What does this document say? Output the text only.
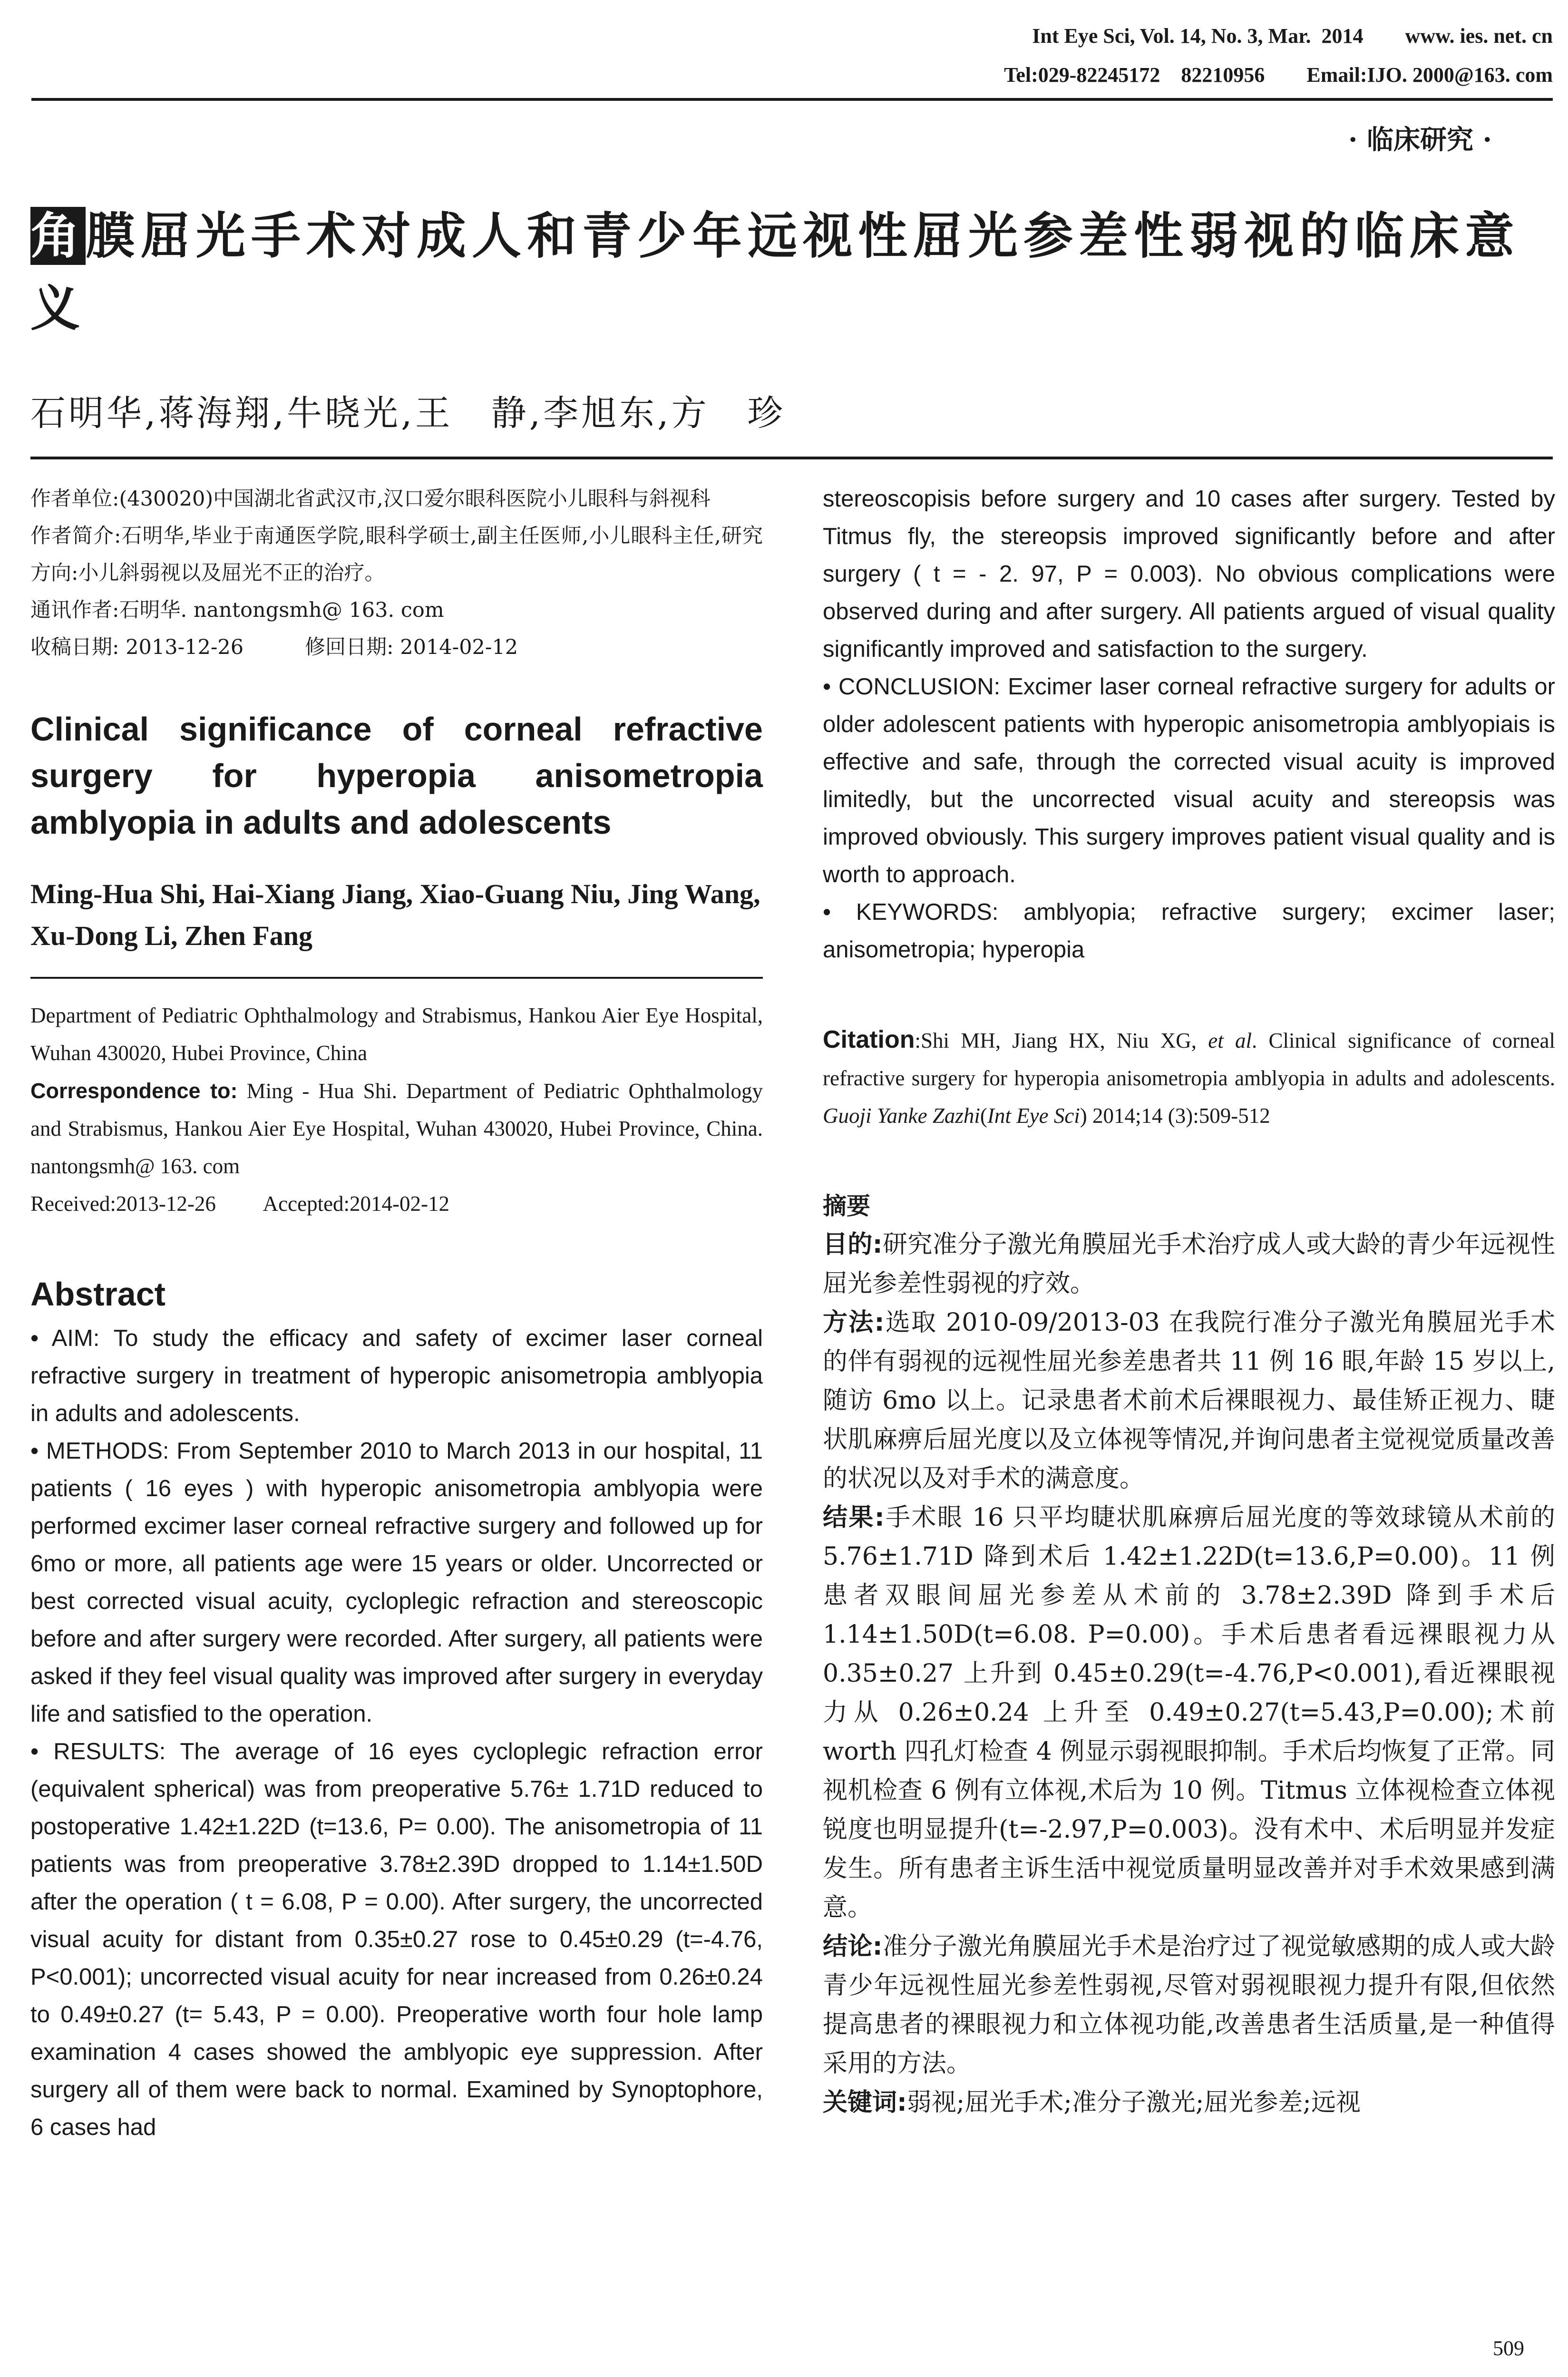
Int Eye Sci, Vol. 14, No. 3, Mar.  2014        www. ies. net. cn
Tel:029-82245172    82210956        Email:IJO. 2000@163. com
· 临床研究 ·
角膜屈光手术对成人和青少年远视性屈光参差性弱视的临床意义
石明华,蒋海翔,牛晓光,王　静,李旭东,方　珍

作者单位:(430020)中国湖北省武汉市,汉口爱尔眼科医院小儿眼科与斜视科

作者简介:石明华,毕业于南通医学院,眼科学硕士,副主任医师,小儿眼科主任,研究方向:小儿斜弱视以及屈光不正的治疗。

通讯作者:石明华. nantongsmh@ 163. com

收稿日期: 2013-12-26　　　修回日期: 2014-02-12

Clinical significance of corneal refractive surgery for hyperopia anisometropia amblyopia in adults and adolescents

Ming-Hua Shi, Hai-Xiang Jiang, Xiao-Guang Niu, Jing Wang, Xu-Dong Li, Zhen Fang

Department of Pediatric Ophthalmology and Strabismus, Hankou Aier Eye Hospital, Wuhan 430020, Hubei Province, China

Correspondence to: Ming - Hua Shi. Department of Pediatric Ophthalmology and Strabismus, Hankou Aier Eye Hospital, Wuhan 430020, Hubei Province, China. nantongsmh@ 163. com

Received:2013-12-26　　 Accepted:2014-02-12

Abstract

• AIM: To study the efficacy and safety of excimer laser corneal refractive surgery in treatment of hyperopic anisometropia amblyopia in adults and adolescents.

• METHODS: From September 2010 to March 2013 in our hospital, 11 patients ( 16 eyes ) with hyperopic anisometropia amblyopia were performed excimer laser corneal refractive surgery and followed up for 6mo or more, all patients age were 15 years or older. Uncorrected or best corrected visual acuity, cycloplegic refraction and stereoscopic before and after surgery were recorded. After surgery, all patients were asked if they feel visual quality was improved after surgery in everyday life and satisfied to the operation.

• RESULTS: The average of 16 eyes cycloplegic refraction error (equivalent spherical) was from preoperative 5.76± 1.71D reduced to postoperative 1.42±1.22D (t=13.6, P= 0.00). The anisometropia of 11 patients was from preoperative 3.78±2.39D dropped to 1.14±1.50D after the operation ( t = 6.08, P = 0.00). After surgery, the uncorrected visual acuity for distant from 0.35±0.27 rose to 0.45±0.29 (t=-4.76, P<0.001); uncorrected visual acuity for near increased from 0.26±0.24 to 0.49±0.27 (t= 5.43, P = 0.00). Preoperative worth four hole lamp examination 4 cases showed the amblyopic eye suppression. After surgery all of them were back to normal. Examined by Synoptophore, 6 cases had

stereoscopisis before surgery and 10 cases after surgery. Tested by Titmus fly, the stereopsis improved significantly before and after surgery ( t = - 2. 97, P = 0.003). No obvious complications were observed during and after surgery. All patients argued of visual quality significantly improved and satisfaction to the surgery.

• CONCLUSION: Excimer laser corneal refractive surgery for adults or older adolescent patients with hyperopic anisometropia amblyopiais is effective and safe, through the corrected visual acuity is improved limitedly, but the uncorrected visual acuity and stereopsis was improved obviously. This surgery improves patient visual quality and is worth to approach.

• KEYWORDS: amblyopia; refractive surgery; excimer laser; anisometropia; hyperopia

Citation:Shi MH, Jiang HX, Niu XG, et al. Clinical significance of corneal refractive surgery for hyperopia anisometropia amblyopia in adults and adolescents. Guoji Yanke Zazhi(Int Eye Sci) 2014;14 (3):509-512

摘要

目的:研究准分子激光角膜屈光手术治疗成人或大龄的青少年远视性屈光参差性弱视的疗效。

方法:选取 2010-09/2013-03 在我院行准分子激光角膜屈光手术的伴有弱视的远视性屈光参差患者共 11 例 16 眼,年龄 15 岁以上,随访 6mo 以上。记录患者术前术后裸眼视力、最佳矫正视力、睫状肌麻痹后屈光度以及立体视等情况,并询问患者主觉视觉质量改善的状况以及对手术的满意度。

结果:手术眼 16 只平均睫状肌麻痹后屈光度的等效球镜从术前的 5.76±1.71D 降到术后 1.42±1.22D(t=13.6,P=0.00)。11 例患者双眼间屈光参差从术前的 3.78±2.39D 降到手术后 1.14±1.50D(t=6.08. P=0.00)。手术后患者看远裸眼视力从 0.35±0.27 上升到 0.45±0.29(t=-4.76,P<0.001),看近裸眼视力从 0.26±0.24 上升至 0.49±0.27(t=5.43,P=0.00);术前 worth 四孔灯检查 4 例显示弱视眼抑制。手术后均恢复了正常。同视机检查 6 例有立体视,术后为 10 例。Titmus 立体视检查立体视锐度也明显提升(t=-2.97,P=0.003)。没有术中、术后明显并发症发生。所有患者主诉生活中视觉质量明显改善并对手术效果感到满意。

结论:准分子激光角膜屈光手术是治疗过了视觉敏感期的成人或大龄青少年远视性屈光参差性弱视,尽管对弱视眼视力提升有限,但依然提高患者的裸眼视力和立体视功能,改善患者生活质量,是一种值得采用的方法。

关键词:弱视;屈光手术;准分子激光;屈光参差;远视

509
